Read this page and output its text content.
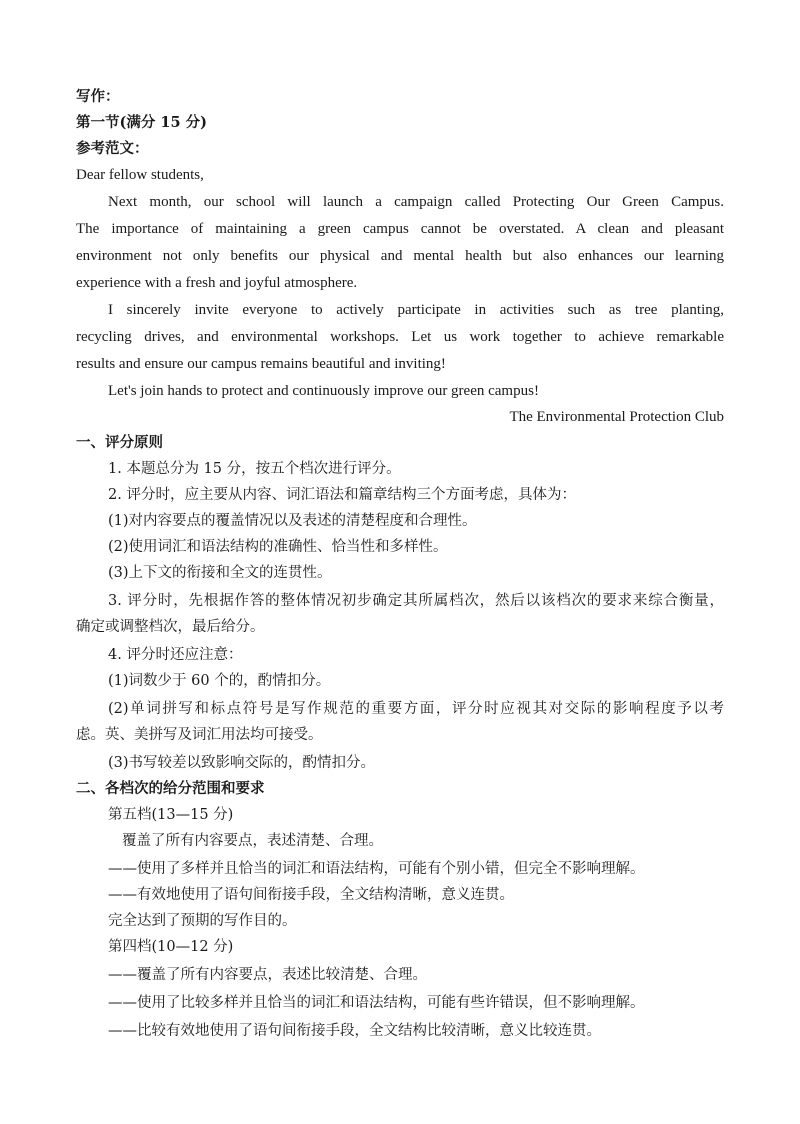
写作：
第一节(满分 15 分)
参考范文：
Dear fellow students,
Next month, our school will launch a campaign called Protecting Our Green Campus.
The importance of maintaining a green campus cannot be overstated. A clean and pleasant
environment not only benefits our physical and mental health but also enhances our learning
experience with a fresh and joyful atmosphere.
I sincerely invite everyone to actively participate in activities such as tree planting,
recycling drives, and environmental workshops. Let us work together to achieve remarkable
results and ensure our campus remains beautiful and inviting!
Let's join hands to protect and continuously improve our green campus!
The Environmental Protection Club
一、评分原则
1. 本题总分为 15 分，按五个档次进行评分。
2. 评分时，应主要从内容、词汇语法和篇章结构三个方面考虑，具体为：
(1)对内容要点的覆盖情况以及表述的清楚程度和合理性。
(2)使用词汇和语法结构的准确性、恰当性和多样性。
(3)上下文的衔接和全文的连贯性。
3. 评分时，先根据作答的整体情况初步确定其所属档次，然后以该档次的要求来综合衡量，
确定或调整档次，最后给分。
4. 评分时还应注意：
(1)词数少于 60 个的，酌情扣分。
(2)单词拼写和标点符号是写作规范的重要方面，评分时应视其对交际的影响程度予以考
虑。英、美拼写及词汇用法均可接受。
(3)书写较差以致影响交际的，酌情扣分。
二、各档次的给分范围和要求
第五档(13—15 分)
覆盖了所有内容要点，表述清楚、合理。
——使用了多样并且恰当的词汇和语法结构，可能有个别小错，但完全不影响理解。
——有效地使用了语句间衔接手段，全文结构清晰，意义连贯。
完全达到了预期的写作目的。
第四档(10—12 分)
——覆盖了所有内容要点，表述比较清楚、合理。
——使用了比较多样并且恰当的词汇和语法结构，可能有些许错误，但不影响理解。
——比较有效地使用了语句间衔接手段，全文结构比较清晰，意义比较连贯。
